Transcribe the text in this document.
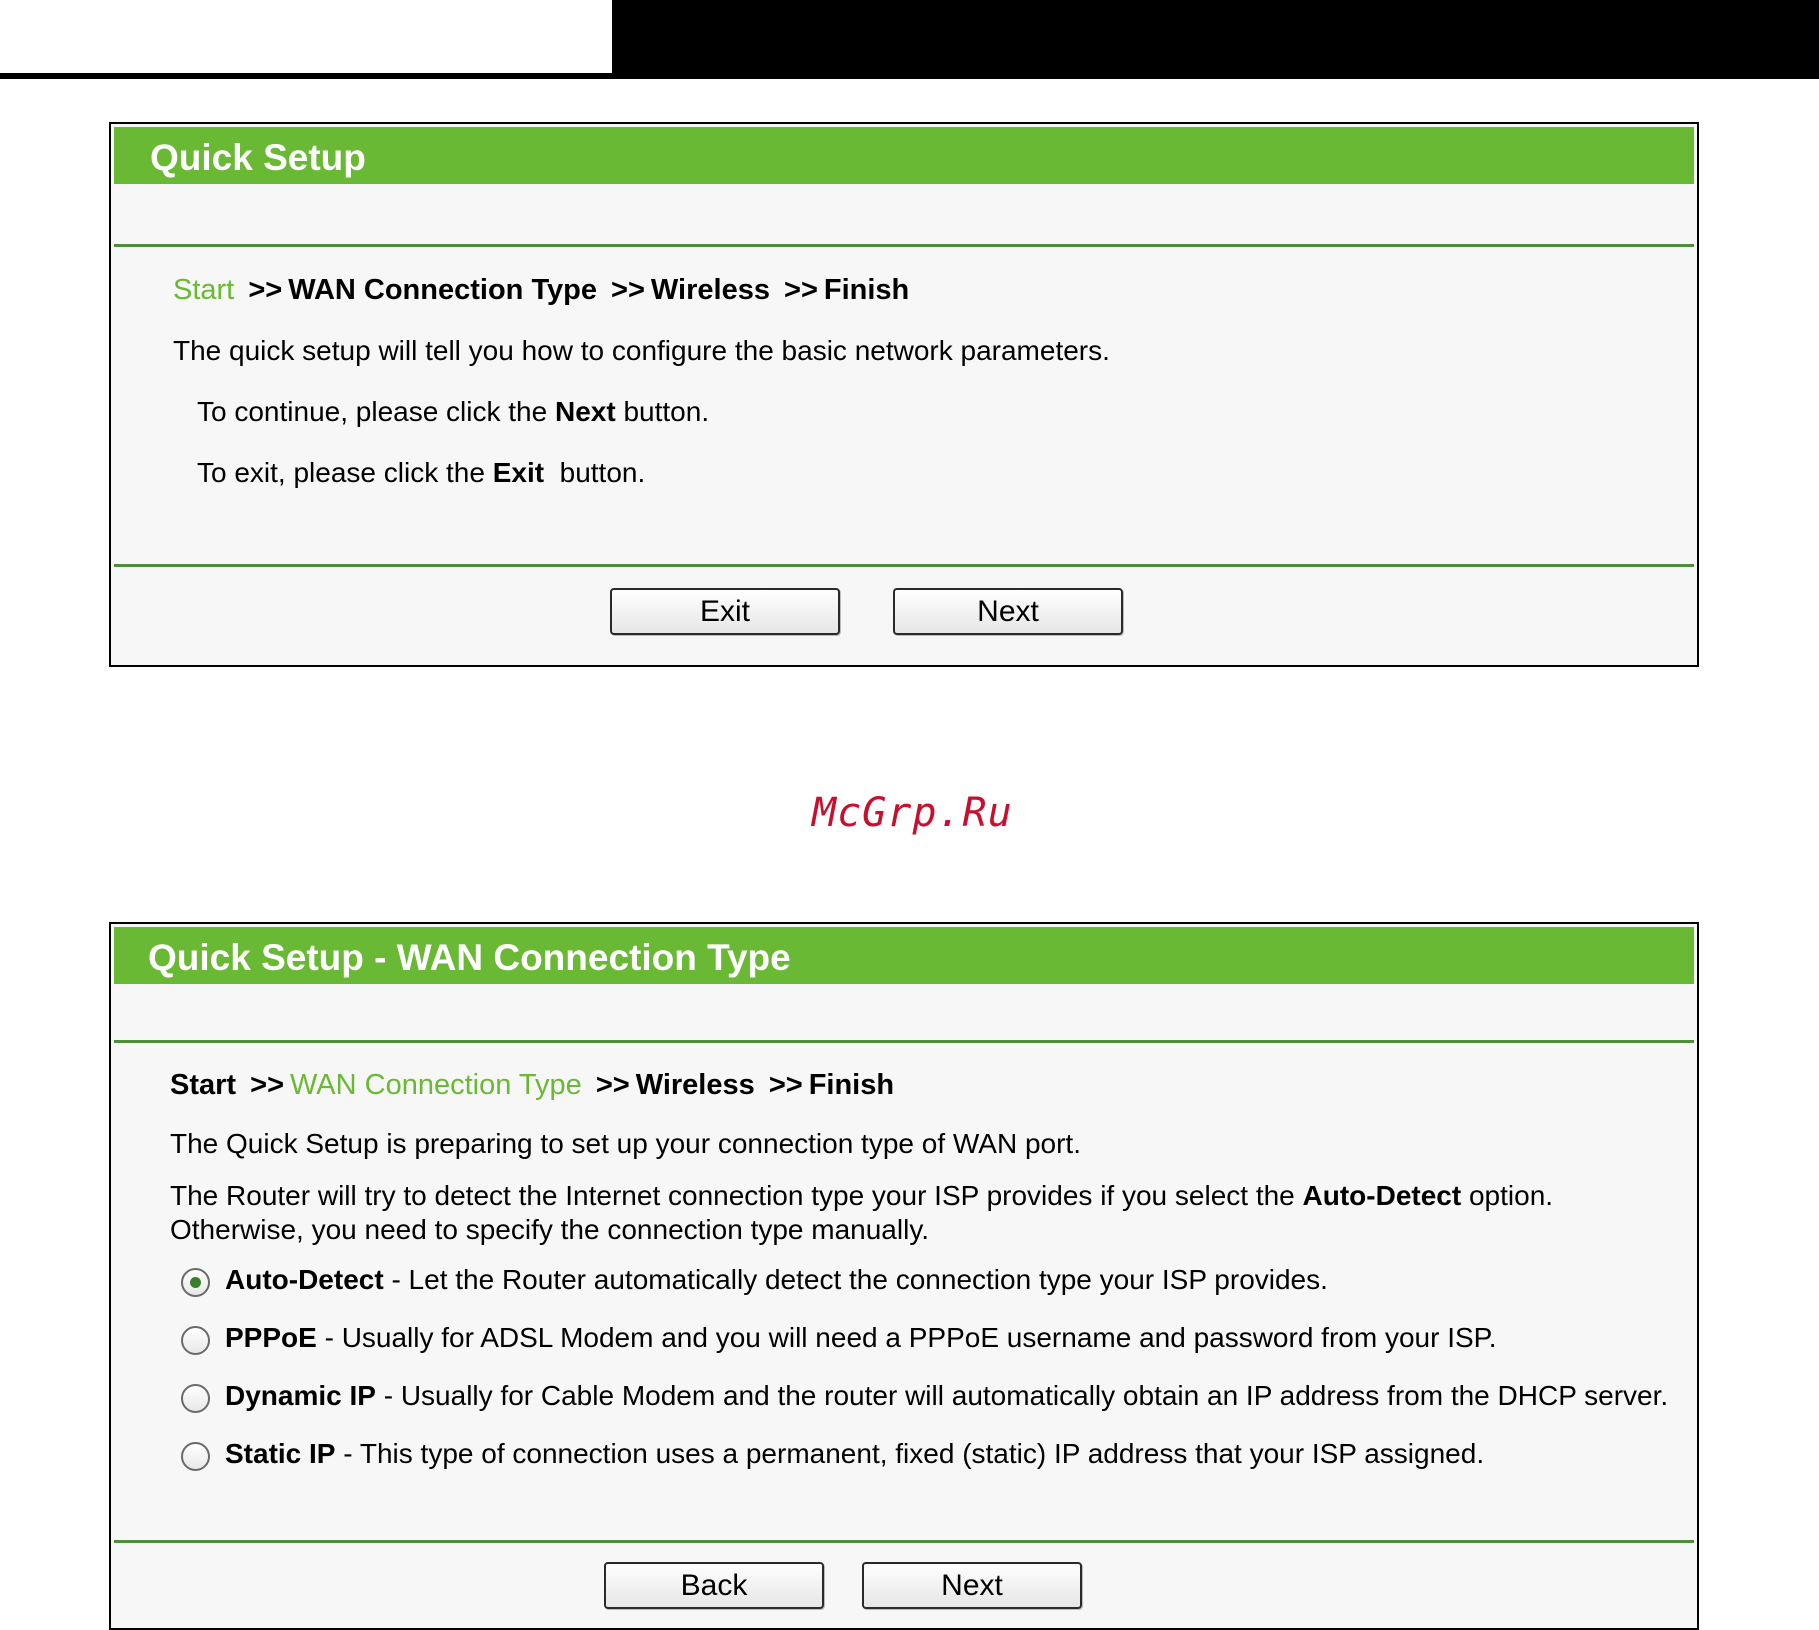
Quick Setup
Start >> WAN Connection Type >> Wireless >> Finish
The quick setup will tell you how to configure the basic network parameters.
To continue, please click the Next button.
To exit, please click the Exit  button.
Exit	Next
McGrp.Ru
Quick Setup - WAN Connection Type
Start >> WAN Connection Type >> Wireless >> Finish
The Quick Setup is preparing to set up your connection type of WAN port.
The Router will try to detect the Internet connection type your ISP provides if you select the Auto-Detect option.
Otherwise, you need to specify the connection type manually.
Auto-Detect - Let the Router automatically detect the connection type your ISP provides.
PPPoE - Usually for ADSL Modem and you will need a PPPoE username and password from your ISP.
Dynamic IP - Usually for Cable Modem and the router will automatically obtain an IP address from the DHCP server.
Static IP - This type of connection uses a permanent, fixed (static) IP address that your ISP assigned.
Back	Next
